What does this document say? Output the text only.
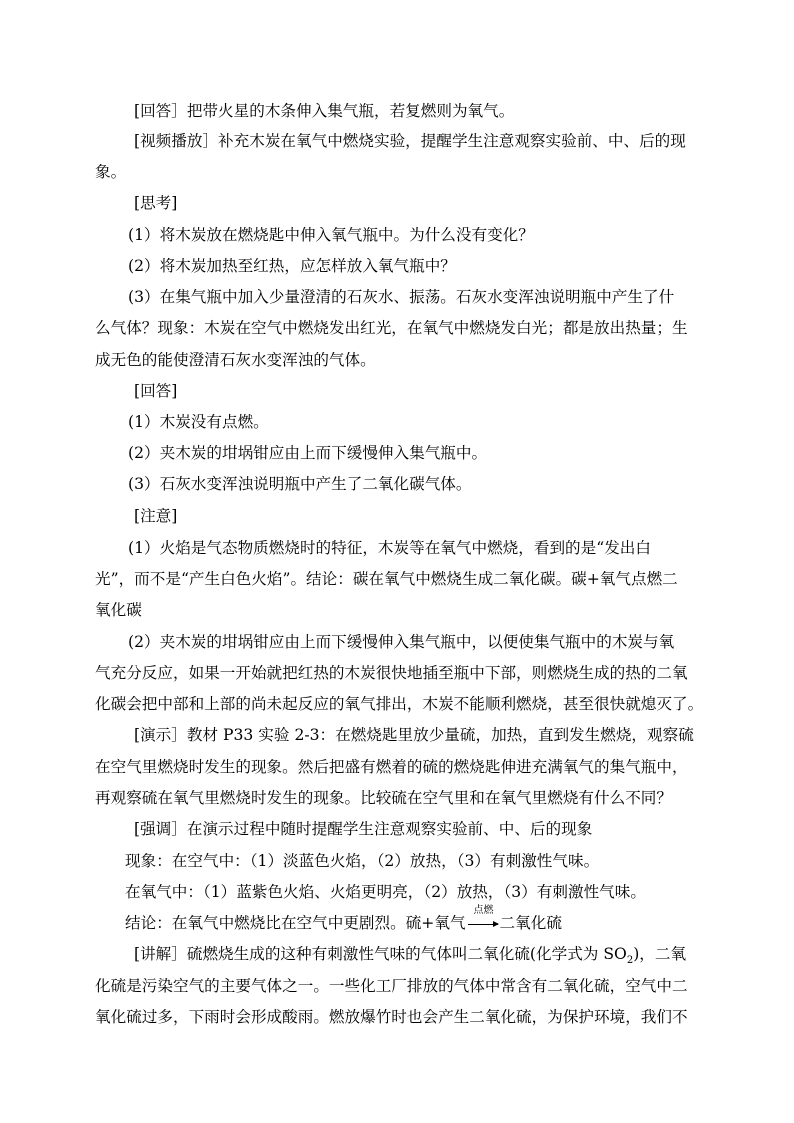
[回答］把带火星的木条伸入集气瓶，若复燃则为氧气。
[视频播放］补充木炭在氧气中燃烧实验，提醒学生注意观察实验前、中、后的现
象。
[思考]
(1）将木炭放在燃烧匙中伸入氧气瓶中。为什么没有变化？
(2）将木炭加热至红热，应怎样放入氧气瓶中？
(3）在集气瓶中加入少量澄清的石灰水、振荡。石灰水变浑浊说明瓶中产生了什
么气体？现象：木炭在空气中燃烧发出红光，在氧气中燃烧发白光；都是放出热量；生
成无色的能使澄清石灰水变浑浊的气体。
[回答]
(1）木炭没有点燃。
(2）夹木炭的坩埚钳应由上而下缓慢伸入集气瓶中。
(3）石灰水变浑浊说明瓶中产生了二氧化碳气体。
[注意]
(1）火焰是气态物质燃烧时的特征，木炭等在氧气中燃烧，看到的是“发出白
光”，而不是“产生白色火焰”。结论：碳在氧气中燃烧生成二氧化碳。碳+氧气点燃二
氧化碳
(2）夹木炭的坩埚钳应由上而下缓慢伸入集气瓶中，以便使集气瓶中的木炭与氧
气充分反应，如果一开始就把红热的木炭很快地插至瓶中下部，则燃烧生成的热的二氧
化碳会把中部和上部的尚未起反应的氧气排出，木炭不能顺利燃烧，甚至很快就熄灭了。
[演示］教材 P33 实验 2-3：在燃烧匙里放少量硫，加热，直到发生燃烧，观察硫
在空气里燃烧时发生的现象。然后把盛有燃着的硫的燃烧匙伸进充满氧气的集气瓶中，
再观察硫在氧气里燃烧时发生的现象。比较硫在空气里和在氧气里燃烧有什么不同？
[强调］在演示过程中随时提醒学生注意观察实验前、中、后的现象
现象：在空气中：（1）淡蓝色火焰，（2）放热，（3）有刺激性气味。
在氧气中：（1）蓝紫色火焰、火焰更明亮，（2）放热，（3）有刺激性气味。
结论：在氧气中燃烧比在空气中更剧烈。硫+氧气
点燃
二氧化硫
[讲解］硫燃烧生成的这种有刺激性气味的气体叫二氧化硫(化学式为 $SO_2$)，二氧
化硫是污染空气的主要气体之一。一些化工厂排放的气体中常含有二氧化硫，空气中二
氧化硫过多，下雨时会形成酸雨。燃放爆竹时也会产生二氧化硫，为保护环境，我们不
